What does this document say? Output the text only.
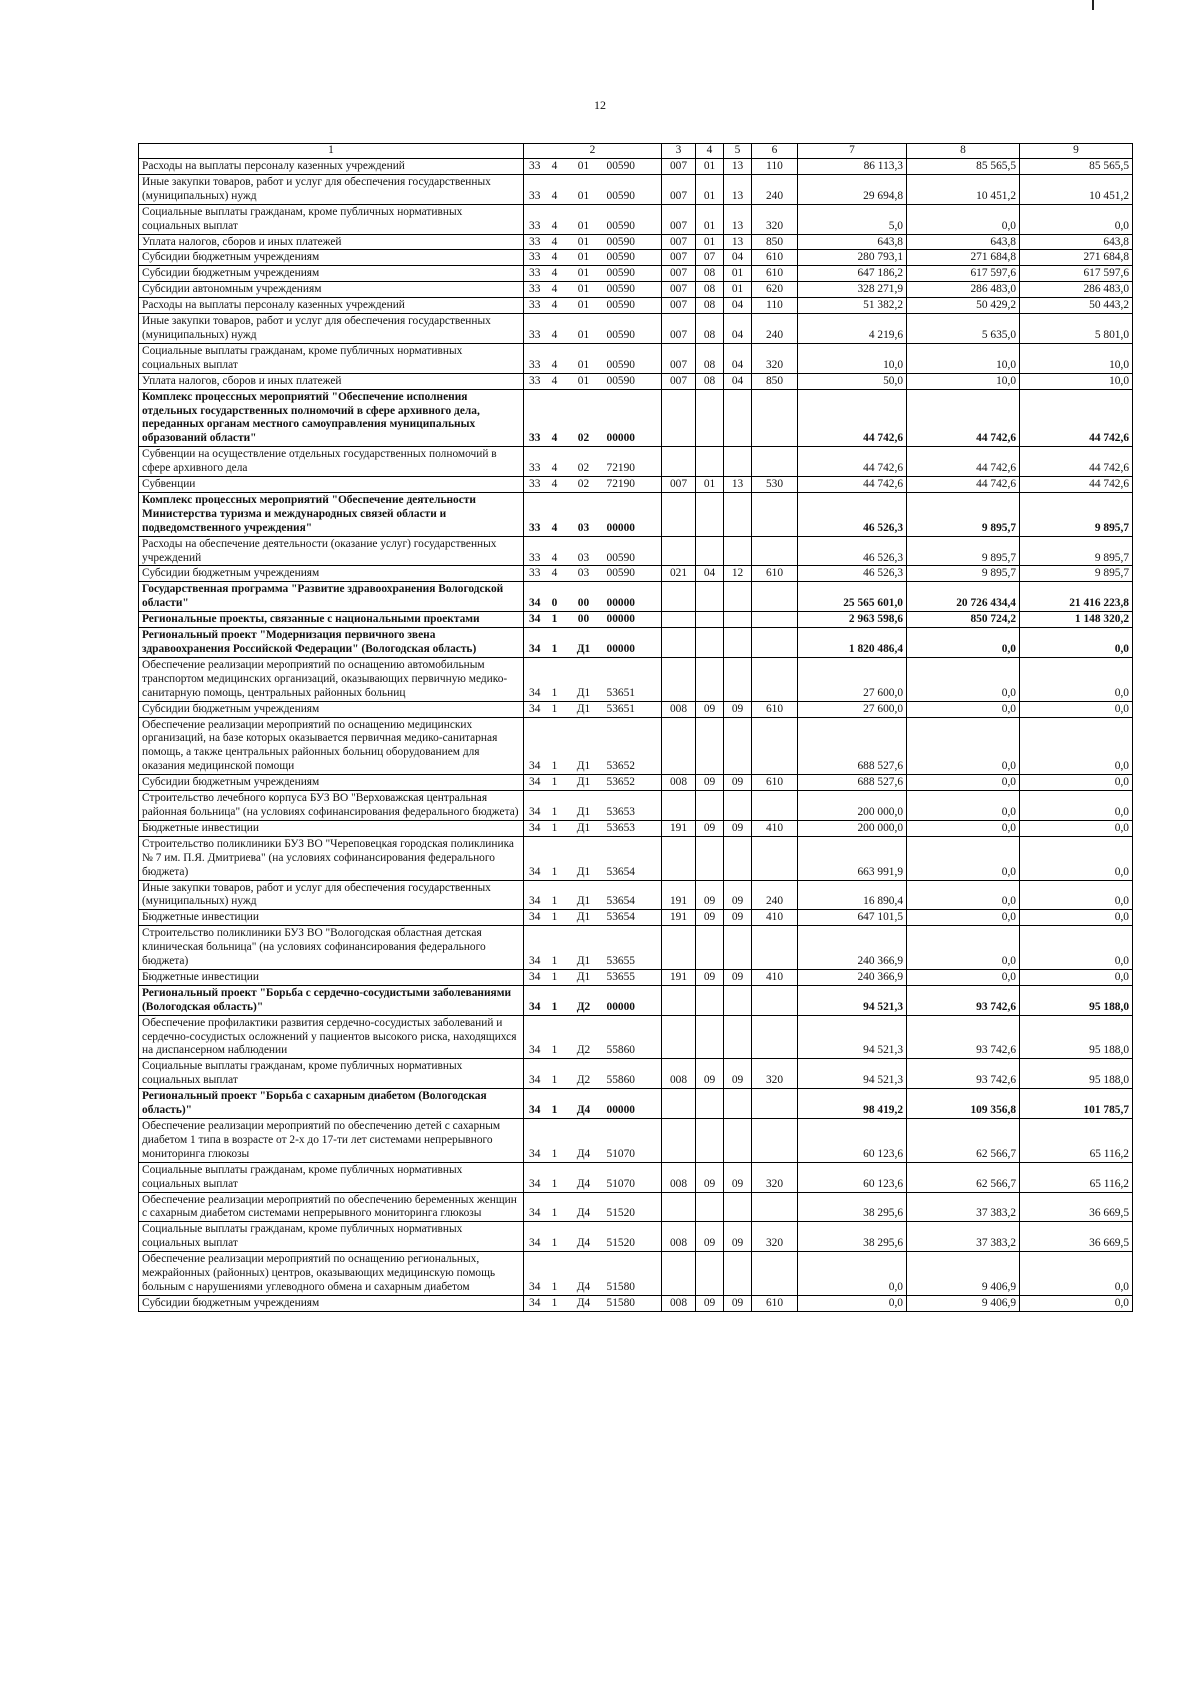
12
1	2				3	4	5	6	7	8	9
Расходы на выплаты персоналу казенных учреждений	33	4	01	00590	007	01	13	110	86 113,3	85 565,5	85 565,5
Иные закупки товаров, работ и услуг для обеспечения государственных (муниципальных) нужд	33	4	01	00590	007	01	13	240	29 694,8	10 451,2	10 451,2
Социальные выплаты гражданам, кроме публичных нормативных социальных выплат	33	4	01	00590	007	01	13	320	5,0	0,0	0,0
Уплата налогов, сборов и иных платежей	33	4	01	00590	007	01	13	850	643,8	643,8	643,8
Субсидии бюджетным учреждениям	33	4	01	00590	007	07	04	610	280 793,1	271 684,8	271 684,8
Субсидии бюджетным учреждениям	33	4	01	00590	007	08	01	610	647 186,2	617 597,6	617 597,6
Субсидии автономным учреждениям	33	4	01	00590	007	08	01	620	328 271,9	286 483,0	286 483,0
Расходы на выплаты персоналу казенных учреждений	33	4	01	00590	007	08	04	110	51 382,2	50 429,2	50 443,2
Иные закупки товаров, работ и услуг для обеспечения государственных (муниципальных) нужд	33	4	01	00590	007	08	04	240	4 219,6	5 635,0	5 801,0
Социальные выплаты гражданам, кроме публичных нормативных социальных выплат	33	4	01	00590	007	08	04	320	10,0	10,0	10,0
Уплата налогов, сборов и иных платежей	33	4	01	00590	007	08	04	850	50,0	10,0	10,0
Комплекс процессных мероприятий "Обеспечение исполнения отдельных государственных полномочий в сфере архивного дела, переданных органам местного самоуправления муниципальных образований области"	33	4	02	00000					44 742,6	44 742,6	44 742,6
Субвенции на осуществление отдельных государственных полномочий в сфере архивного дела	33	4	02	72190					44 742,6	44 742,6	44 742,6
Субвенции	33	4	02	72190	007	01	13	530	44 742,6	44 742,6	44 742,6
Комплекс процессных мероприятий "Обеспечение деятельности Министерства туризма и международных связей области и подведомственного учреждения"	33	4	03	00000					46 526,3	9 895,7	9 895,7
Расходы на обеспечение деятельности (оказание услуг) государственных учреждений	33	4	03	00590					46 526,3	9 895,7	9 895,7
Субсидии бюджетным учреждениям	33	4	03	00590	021	04	12	610	46 526,3	9 895,7	9 895,7
Государственная программа "Развитие здравоохранения Вологодской области"	34	0	00	00000					25 565 601,0	20 726 434,4	21 416 223,8
Региональные проекты, связанные с национальными проектами	34	1	00	00000					2 963 598,6	850 724,2	1 148 320,2
Региональный проект "Модернизация первичного звена здравоохранения Российской Федерации" (Вологодская область)	34	1	Д1	00000					1 820 486,4	0,0	0,0
Обеспечение реализации мероприятий по оснащению автомобильным транспортом медицинских организаций, оказывающих первичную медико-санитарную помощь, центральных районных больниц	34	1	Д1	53651					27 600,0	0,0	0,0
Субсидии бюджетным учреждениям	34	1	Д1	53651	008	09	09	610	27 600,0	0,0	0,0
Обеспечение реализации мероприятий по оснащению медицинских организаций, на базе которых оказывается первичная медико-санитарная помощь, а также центральных районных больниц оборудованием для оказания медицинской помощи	34	1	Д1	53652					688 527,6	0,0	0,0
Субсидии бюджетным учреждениям	34	1	Д1	53652	008	09	09	610	688 527,6	0,0	0,0
Строительство лечебного корпуса БУЗ ВО "Верховажская центральная районная больница" (на условиях софинансирования федерального бюджета)	34	1	Д1	53653					200 000,0	0,0	0,0
Бюджетные инвестиции	34	1	Д1	53653	191	09	09	410	200 000,0	0,0	0,0
Строительство поликлиники БУЗ ВО "Череповецкая городская поликлиника № 7 им. П.Я. Дмитриева" (на условиях софинансирования федерального бюджета)	34	1	Д1	53654					663 991,9	0,0	0,0
Иные закупки товаров, работ и услуг для обеспечения государственных (муниципальных) нужд	34	1	Д1	53654	191	09	09	240	16 890,4	0,0	0,0
Бюджетные инвестиции	34	1	Д1	53654	191	09	09	410	647 101,5	0,0	0,0
Строительство поликлиники БУЗ ВО "Вологодская областная детская клиническая больница" (на условиях софинансирования федерального бюджета)	34	1	Д1	53655					240 366,9	0,0	0,0
Бюджетные инвестиции	34	1	Д1	53655	191	09	09	410	240 366,9	0,0	0,0
Региональный проект "Борьба с сердечно-сосудистыми заболеваниями (Вологодская область)"	34	1	Д2	00000					94 521,3	93 742,6	95 188,0
Обеспечение профилактики развития сердечно-сосудистых заболеваний и сердечно-сосудистых осложнений у пациентов высокого риска, находящихся на диспансерном наблюдении	34	1	Д2	55860					94 521,3	93 742,6	95 188,0
Социальные выплаты гражданам, кроме публичных нормативных социальных выплат	34	1	Д2	55860	008	09	09	320	94 521,3	93 742,6	95 188,0
Региональный проект "Борьба с сахарным диабетом (Вологодская область)"	34	1	Д4	00000					98 419,2	109 356,8	101 785,7
Обеспечение реализации мероприятий по обеспечению детей с сахарным диабетом 1 типа в возрасте от 2-х до 17-ти лет системами непрерывного мониторинга глюкозы	34	1	Д4	51070					60 123,6	62 566,7	65 116,2
Социальные выплаты гражданам, кроме публичных нормативных социальных выплат	34	1	Д4	51070	008	09	09	320	60 123,6	62 566,7	65 116,2
Обеспечение реализации мероприятий по обеспечению беременных женщин с сахарным диабетом системами непрерывного мониторинга глюкозы	34	1	Д4	51520					38 295,6	37 383,2	36 669,5
Социальные выплаты гражданам, кроме публичных нормативных социальных выплат	34	1	Д4	51520	008	09	09	320	38 295,6	37 383,2	36 669,5
Обеспечение реализации мероприятий по оснащению региональных, межрайонных (районных) центров, оказывающих медицинскую помощь больным с нарушениями углеводного обмена и сахарным диабетом	34	1	Д4	51580					0,0	9 406,9	0,0
Субсидии бюджетным учреждениям	34	1	Д4	51580	008	09	09	610	0,0	9 406,9	0,0
